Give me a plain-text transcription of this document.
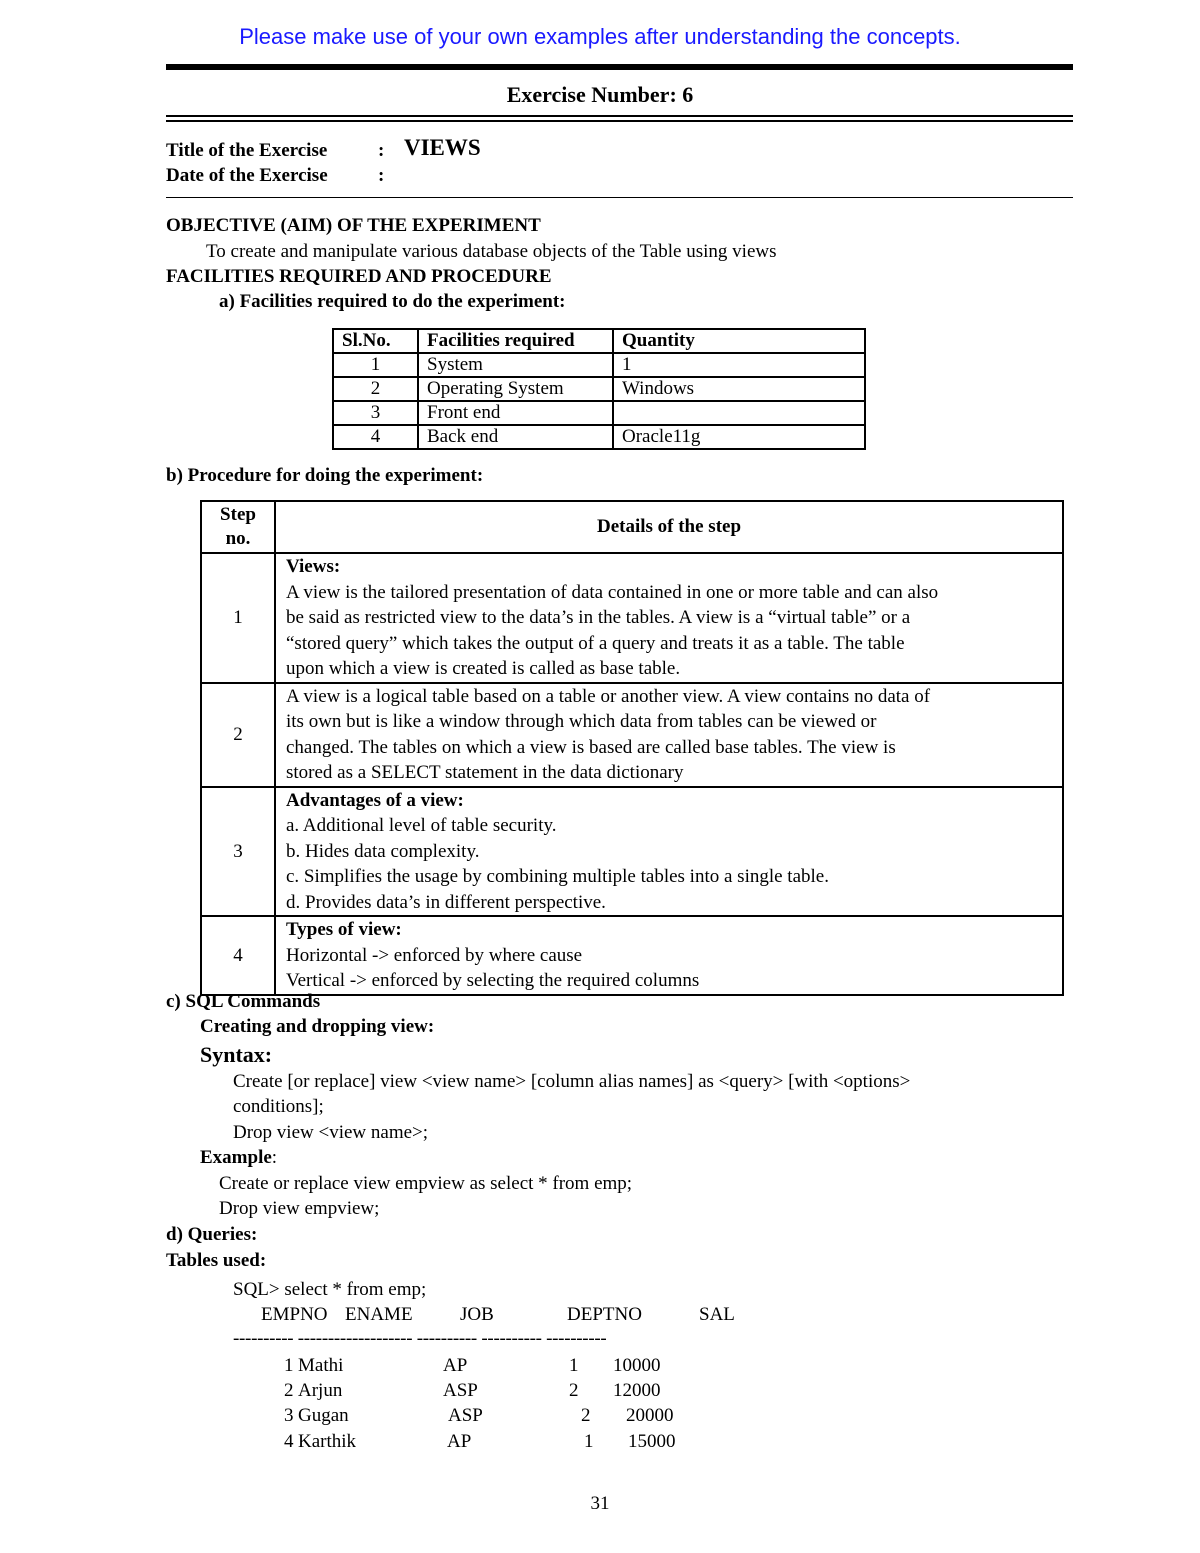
Please make use of your own examples after understanding the concepts.
Exercise Number: 6
Title of the Exercise	: VIEWS
Date of the Exercise	:
OBJECTIVE (AIM) OF THE EXPERIMENT
To create and manipulate various database objects of the Table using views
FACILITIES REQUIRED AND PROCEDURE
a) Facilities required to do the experiment:
Sl.No.	Facilities required	Quantity
1	System	1
2	Operating System	Windows
3	Front end	
4	Back end	Oracle11g
b) Procedure for doing the experiment:
Step
no.	Details of the step
1	Views:
A view is the tailored presentation of data contained in one or more table and can also
be said as restricted view to the data’s in the tables. A view is a “virtual table” or a
“stored query” which takes the output of a query and treats it as a table. The table
upon which a view is created is called as base table.

2	A view is a logical table based on a table or another view. A view contains no data of
its own but is like a window through which data from tables can be viewed or
changed. The tables on which a view is based are called base tables. The view is
stored as a SELECT statement in the data dictionary

3	Advantages of a view:
a. Additional level of table security.
b. Hides data complexity.
c. Simplifies the usage by combining multiple tables into a single table.
d. Provides data’s in different perspective.

4	Types of view:
Horizontal -> enforced by where cause
Vertical -> enforced by selecting the required columns
c) SQL Commands
Creating and dropping view:
Syntax:
Create [or replace] view <view name> [column alias names] as <query> [with <options>
conditions];
Drop view <view name>;
Example:
Create or replace view empview as select * from emp;
Drop view empview;
d) Queries:
Tables used:
SQL> select * from emp;
EMPNO ENAME JOB	DEPTNO	SAL
---------- ------------------- ---------- ---------- ----------
1 Mathi	AP	1 10000
2 Arjun	ASP	2 12000
3 Gugan	ASP	2 20000
4 Karthik	AP	1 15000
31
